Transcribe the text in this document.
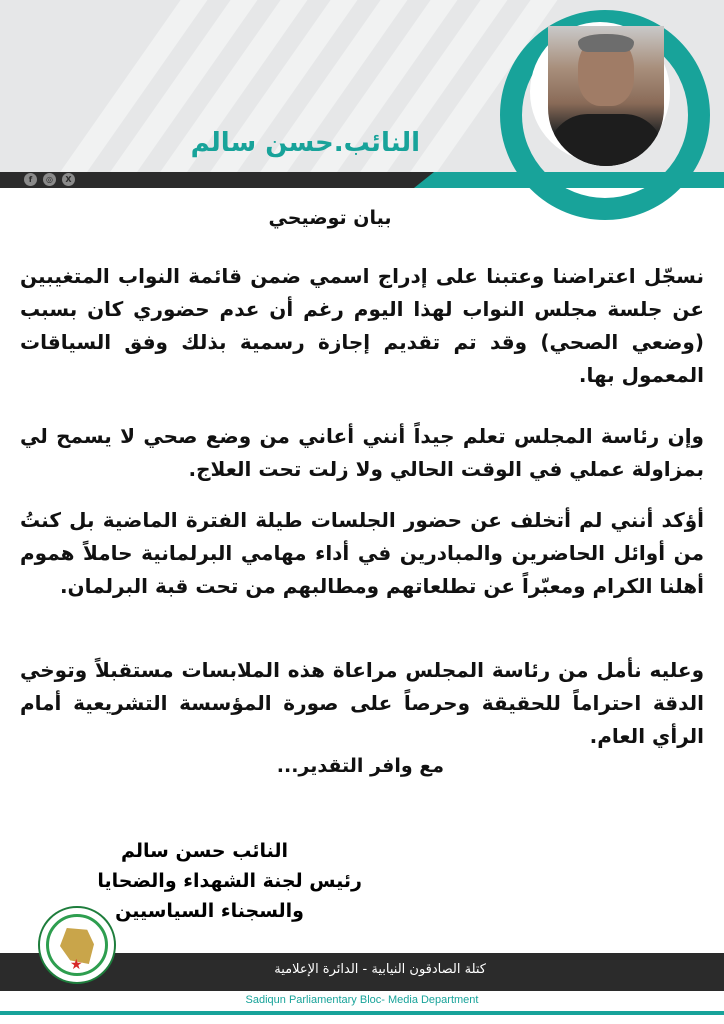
النائب.حسن سالم
f	◎	X
بيان توضيحي

نسجّل اعتراضنا وعتبنا على إدراج اسمي ضمن قائمة النواب المتغيبين عن جلسة مجلس النواب لهذا اليوم رغم أن عدم حضوري كان بسبب (وضعي الصحي) وقد تم تقديم إجازة رسمية بذلك وفق السياقات المعمول بها.

وإن رئاسة المجلس تعلم جيداً أنني أعاني من وضع صحي لا يسمح لي بمزاولة عملي في الوقت الحالي ولا زلت تحت العلاج.

أؤكد أنني لم أتخلف عن حضور الجلسات طيلة الفترة الماضية بل كنتُ من أوائل الحاضرين والمبادرين في أداء مهامي البرلمانية حاملاً هموم أهلنا الكرام ومعبّراً عن تطلعاتهم ومطالبهم من تحت قبة البرلمان.

وعليه نأمل من رئاسة المجلس مراعاة هذه الملابسات مستقبلاً وتوخي الدقة احتراماً للحقيقة وحرصاً على صورة المؤسسة التشريعية أمام الرأي العام.

مع وافر التقدير...
النائب حسن سالم
رئيس لجنة الشهداء والضحايا
والسجناء السياسيين
كتلة الصادقون النيابية - الدائرة الإعلامية
Sadiqun Parliamentary Bloc- Media Department
★
